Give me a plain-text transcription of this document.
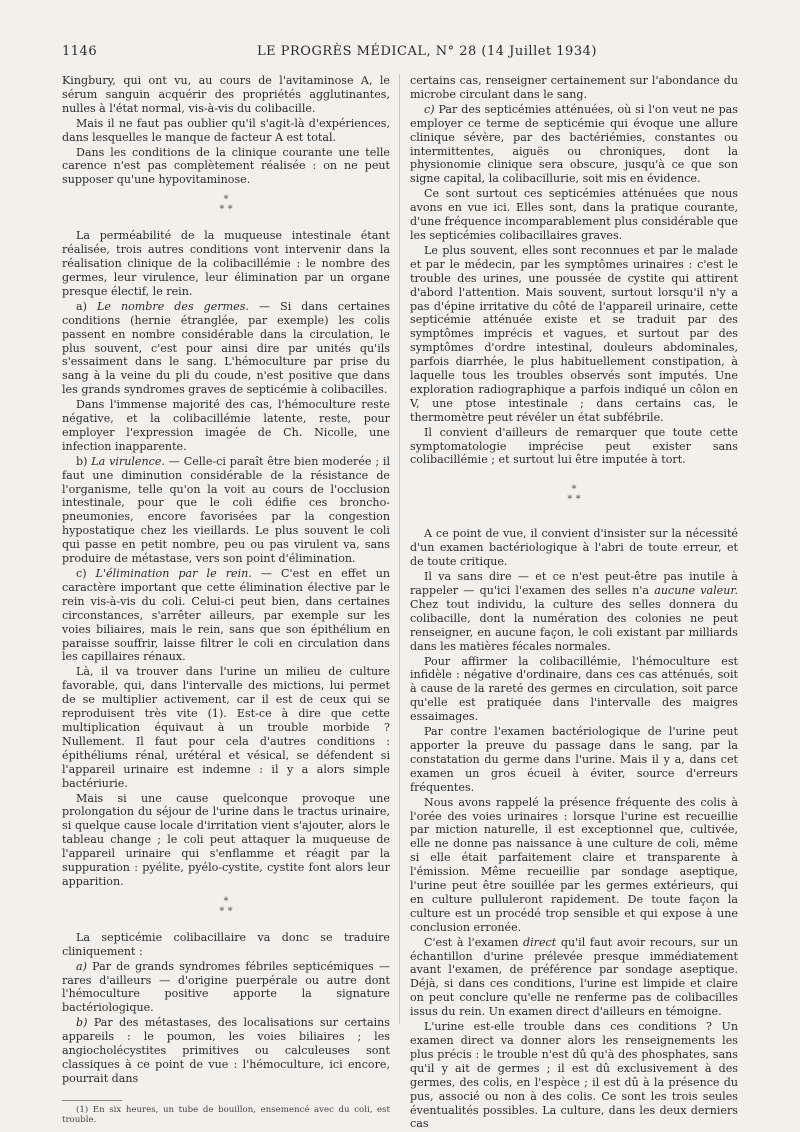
1146	LE PROGRÈS MÉDICAL, N° 28 (14 Juillet 1934)

Kingbury, qui ont vu, au cours de l'avitaminose A, le sérum sanguin acquérir des propriétés agglutinantes, nulles à l'état normal, vis-à-vis du colibacille.

Mais il ne faut pas oublier qu'il s'agit-là d'expériences, dans lesquelles le manque de facteur A est total.

Dans les conditions de la clinique courante une telle carence n'est pas complètement réalisée : on ne peut supposer qu'une hypovitaminose.

*
* *

La perméabilité de la muqueuse intestinale étant réalisée, trois autres conditions vont intervenir dans la réalisation clinique de la colibacillémie : le nombre des germes, leur virulence, leur élimination par un organe presque électif, le rein.

a) Le nombre des germes. — Si dans certaines conditions (hernie étranglée, par exemple) les colis passent en nombre considérable dans la circulation, le plus souvent, c'est pour ainsi dire par unités qu'ils s'essaiment dans le sang. L'hémoculture par prise du sang à la veine du pli du coude, n'est positive que dans les grands syndromes graves de septicémie à colibacilles.

Dans l'immense majorité des cas, l'hémoculture reste négative, et la colibacillémie latente, reste, pour employer l'expression imagée de Ch. Nicolle, une infection inapparente.

b) La virulence. — Celle-ci paraît être bien moderée ; il faut une diminution considérable de la résistance de l'organisme, telle qu'on la voit au cours de l'occlusion intestinale, pour que le coli édifie ces broncho-pneumonies, encore favorisées par la congestion hypostatique chez les vieillards. Le plus souvent le coli qui passe en petit nombre, peu ou pas virulent va, sans produire de métastase, vers son point d'élimination.

c) L'élimination par le rein. — C'est en effet un caractère important que cette élimination élective par le rein vis-à-vis du coli. Celui-ci peut bien, dans certaines circonstances, s'arrêter ailleurs, par exemple sur les voies biliaires, mais le rein, sans que son épithélium en paraisse souffrir, laisse filtrer le coli en circulation dans les capillaires rénaux.

Là, il va trouver dans l'urine un milieu de culture favorable, qui, dans l'intervalle des mictions, lui permet de se multiplier activement, car il est de ceux qui se reproduisent très vite (1). Est-ce à dire que cette multiplication équivaut à un trouble morbide ? Nullement. Il faut pour cela d'autres conditions : épithéliums rénal, urétéral et vésical, se défendent si l'appareil urinaire est indemne : il y a alors simple bactériurie.

Mais si une cause quelconque provoque une prolongation du séjour de l'urine dans le tractus urinaire, si quelque cause locale d'irritation vient s'ajouter, alors le tableau change ; le coli peut attaquer la muqueuse de l'appareil urinaire qui s'enflamme et réagit par la suppuration : pyélite, pyélo-cystite, cystite font alors leur apparition.

*
* *

La septicémie colibacillaire va donc se traduire cliniquement :

a) Par de grands syndromes fébriles septicémiques — rares d'ailleurs — d'origine puerpérale ou autre dont l'hémoculture positive apporte la signature bactériologique.

b) Par des métastases, des localisations sur certains appareils : le poumon, les voies biliaires ; les angiocholécystites primitives ou calculeuses sont classiques à ce point de vue : l'hémoculture, ici encore, pourrait dans

(1) En six heures, un tube de bouillon, ensemencé avec du coli, est trouble.

certains cas, renseigner certainement sur l'abondance du microbe circulant dans le sang.

c) Par des septicémies atténuées, où si l'on veut ne pas employer ce terme de septicémie qui évoque une allure clinique sévère, par des bactériémies, constantes ou intermittentes, aiguës ou chroniques, dont la physionomie clinique sera obscure, jusqu'à ce que son signe capital, la colibacillurie, soit mis en évidence.

Ce sont surtout ces septicémies atténuées que nous avons en vue ici. Elles sont, dans la pratique courante, d'une fréquence incomparablement plus considérable que les septicémies colibacillaires graves.

Le plus souvent, elles sont reconnues et par le malade et par le médecin, par les symptômes urinaires : c'est le trouble des urines, une poussée de cystite qui attirent d'abord l'attention. Mais souvent, surtout lorsqu'il n'y a pas d'épine irritative du côté de l'appareil urinaire, cette septicémie atténuée existe et se traduit par des symptômes imprécis et vagues, et surtout par des symptômes d'ordre intestinal, douleurs abdominales, parfois diarrhée, le plus habituellement constipation, à laquelle tous les troubles observés sont imputés. Une exploration radiographique a parfois indiqué un côlon en V, une ptose intestinale ; dans certains cas, le thermomètre peut révéler un état subfébrile.

Il convient d'ailleurs de remarquer que toute cette symptomatologie imprécise peut exister sans colibacillémie ; et surtout lui être imputée à tort.

*
* *

A ce point de vue, il convient d'insister sur la nécessité d'un examen bactériologique à l'abri de toute erreur, et de toute critique.

Il va sans dire — et ce n'est peut-être pas inutile à rappeler — qu'ici l'examen des selles n'a aucune valeur. Chez tout individu, la culture des selles donnera du colibacille, dont la numération des colonies ne peut renseigner, en aucune façon, le coli existant par milliards dans les matières fécales normales.

Pour affirmer la colibacillémie, l'hémoculture est infidèle : négative d'ordinaire, dans ces cas atténués, soit à cause de la rareté des germes en circulation, soit parce qu'elle est pratiquée dans l'intervalle des maigres essaimages.

Par contre l'examen bactériologique de l'urine peut apporter la preuve du passage dans le sang, par la constatation du germe dans l'urine. Mais il y a, dans cet examen un gros écueil à éviter, source d'erreurs fréquentes.

Nous avons rappelé la présence fréquente des colis à l'orée des voies urinaires : lorsque l'urine est recueillie par miction naturelle, il est exceptionnel que, cultivée, elle ne donne pas naissance à une culture de coli, même si elle était parfaitement claire et transparente à l'émission. Même recueillie par sondage aseptique, l'urine peut être souillée par les germes extérieurs, qui en culture pulluleront rapidement. De toute façon la culture est un procédé trop sensible et qui expose à une conclusion erronée.

C'est à l'examen direct qu'il faut avoir recours, sur un échantillon d'urine prélevée presque immédiatement avant l'examen, de préférence par sondage aseptique. Déjà, si dans ces conditions, l'urine est limpide et claire on peut conclure qu'elle ne renferme pas de colibacilles issus du rein. Un examen direct d'ailleurs en témoigne.

L'urine est-elle trouble dans ces conditions ? Un examen direct va donner alors les renseignements les plus précis : le trouble n'est dû qu'à des phosphates, sans qu'il y ait de germes ; il est dû exclusivement à des germes, des colis, en l'espèce ; il est dû à la présence du pus, associé ou non à des colis. Ce sont les trois seules éventualités possibles. La culture, dans les deux derniers cas
